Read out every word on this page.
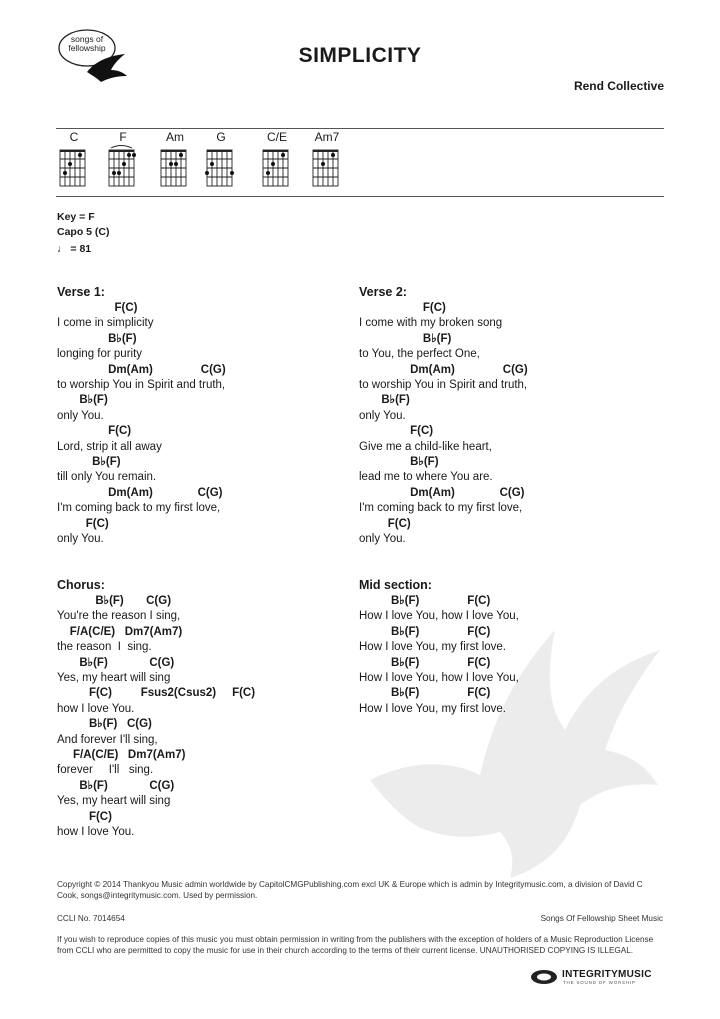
songs of
fellowship	SIMPLICITY
Rend Collective
C	F	Am	G	C/E	Am7
Key = F
Capo 5 (C)
♩ = 81
Verse 1:
F(C)
I come in simplicity
B♭(F)
longing for purity
Dm(Am)               C(G)
to worship You in Spirit and truth,
B♭(F)
only You.
F(C)
Lord, strip it all away
B♭(F)
till only You remain.
Dm(Am)              C(G)
I'm coming back to my first love,
F(C)
only You.
Verse 2:
F(C)
I come with my broken song
B♭(F)
to You, the perfect One,
Dm(Am)               C(G)
to worship You in Spirit and truth,
B♭(F)
only You.
F(C)
Give me a child-like heart,
B♭(F)
lead me to where You are.
Dm(Am)              C(G)
I'm coming back to my first love,
F(C)
only You.
Chorus:
B♭(F)       C(G)
You're the reason I sing,
F/A(C/E)   Dm7(Am7)
the reason  I  sing.
B♭(F)             C(G)
Yes, my heart will sing
F(C)         Fsus2(Csus2)     F(C)
how I love You.
B♭(F)   C(G)
And forever I'll sing,
F/A(C/E)   Dm7(Am7)
forever     I'll   sing.
B♭(F)             C(G)
Yes, my heart will sing
F(C)
how I love You.
Mid section:
B♭(F)               F(C)
How I love You, how I love You,
B♭(F)               F(C)
How I love You, my first love.
B♭(F)               F(C)
How I love You, how I love You,
B♭(F)               F(C)
How I love You, my first love.
Copyright © 2014 Thankyou Music admin worldwide by CapitolCMGPublishing.com excl UK & Europe which is admin by Integritymusic.com, a division of David C Cook, songs@integritymusic.com. Used by permission.
CCLI No. 7014654	Songs Of Fellowship Sheet Music
If you wish to reproduce copies of this music you must obtain permission in writing from the publishers with the exception of holders of a Music Reproduction License from CCLI who are permitted to copy the music for use in their church according to the terms of their current license. UNAUTHORISED COPYING IS ILLEGAL.
INTEGRITYMUSIC
THE SOUND OF WORSHIP
